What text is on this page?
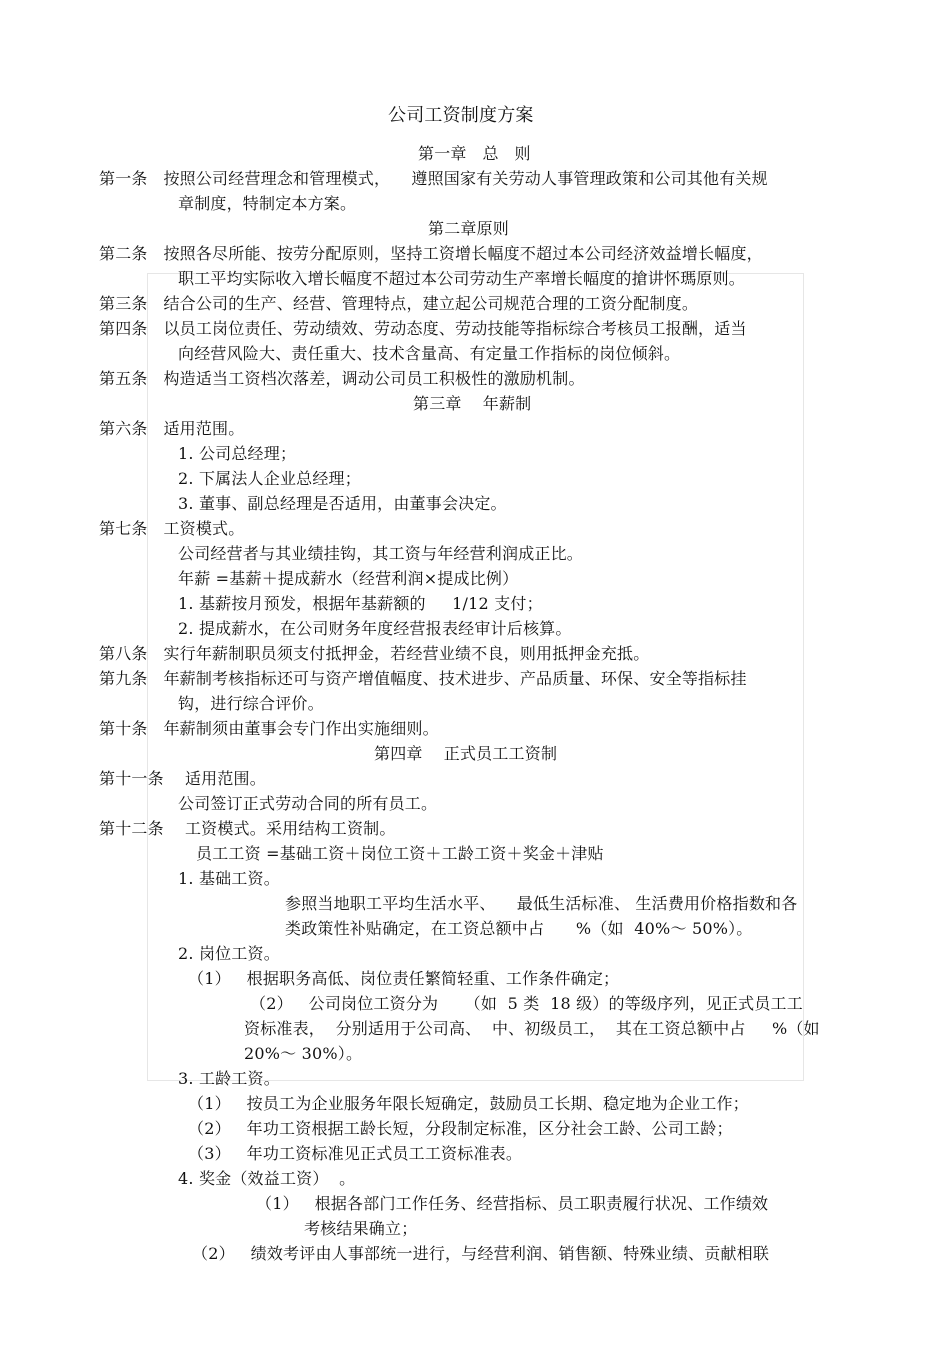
公司工资制度方案
第一章   总   则
第一条   按照公司经营理念和管理模式，    遵照国家有关劳动人事管理政策和公司其他有关规
章制度，特制定本方案。
第二章原则
第二条   按照各尽所能、按劳分配原则，坚持工资增长幅度不超过本公司经济效益增长幅度，
职工平均实际收入增长幅度不超过本公司劳动生产率增长幅度的搶讲怀瑪原则。
第三条   结合公司的生产、经营、管理特点，建立起公司规范合理的工资分配制度。
第四条   以员工岗位责任、劳动绩效、劳动态度、劳动技能等指标综合考核员工报酬，适当
向经营风险大、责任重大、技术含量高、有定量工作指标的岗位倾斜。
第五条   构造适当工资档次落差，调动公司员工积极性的激励机制。
第三章    年薪制
第六条   适用范围。
1. 公司总经理；
2. 下属法人企业总经理；
3. 董事、副总经理是否适用，由董事会决定。
第七条   工资模式。
公司经营者与其业绩挂钩，其工资与年经营利润成正比。
年薪 =基薪＋提成薪水（经营利润×提成比例）
1. 基薪按月预发，根据年基薪额的     1/12 支付；
2. 提成薪水，在公司财务年度经营报表经审计后核算。
第八条   实行年薪制职员须支付抵押金，若经营业绩不良，则用抵押金充抵。
第九条   年薪制考核指标还可与资产增值幅度、技术进步、产品质量、环保、安全等指标挂
钩，进行综合评价。
第十条   年薪制须由董事会专门作出实施细则。
第四章    正式员工工资制
第十一条    适用范围。
公司签订正式劳动合同的所有员工。
第十二条    工资模式。采用结构工资制。
员工工资 =基础工资＋岗位工资＋工龄工资＋奖金＋津贴
1. 基础工资。
参照当地职工平均生活水平、    最低生活标准、 生活费用价格指数和各
类政策性补贴确定，在工资总额中占      %（如  40%～ 50%）。
2. 岗位工资。
（1）   根据职务高低、岗位责任繁简轻重、工作条件确定；
（2）   公司岗位工资分为     （如  5 类  18 级）的等级序列，见正式员工工
资标准表，  分别适用于公司高、  中、初级员工，  其在工资总额中占     %（如
20%～ 30%）。
3. 工龄工资。
（1）   按员工为企业服务年限长短确定，鼓励员工长期、稳定地为企业工作；
（2）   年功工资根据工龄长短，分段制定标准，区分社会工龄、公司工龄；
（3）   年功工资标准见正式员工工资标准表。
4. 奖金（效益工资）  。
（1）   根据各部门工作任务、经营指标、员工职责履行状况、工作绩效
考核结果确立；
（2）   绩效考评由人事部统一进行，与经营利润、销售额、特殊业绩、贡献相联
